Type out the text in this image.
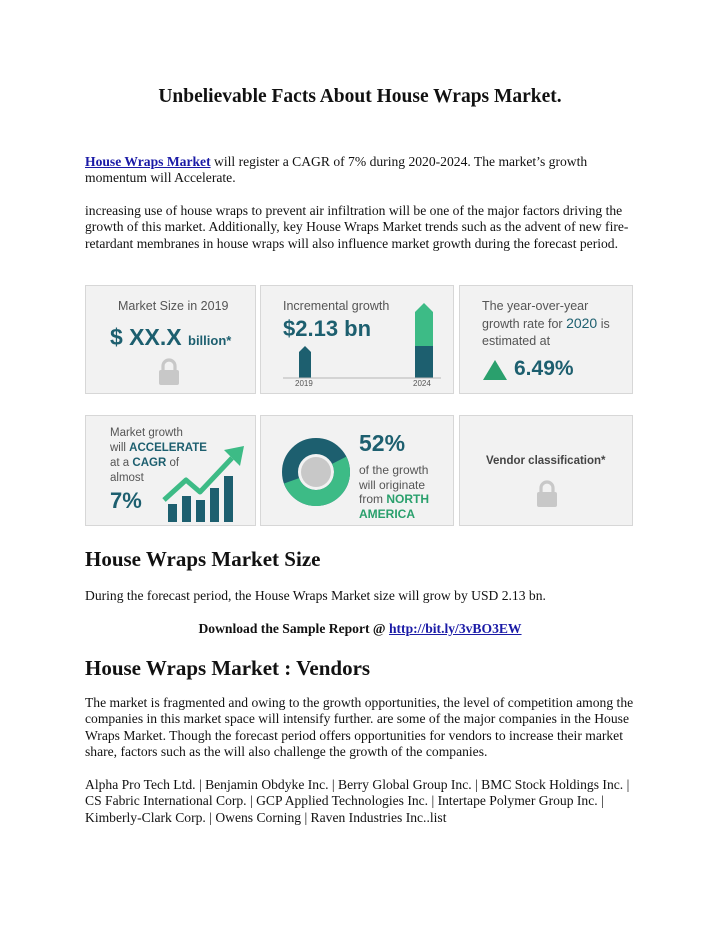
Unbelievable Facts About House Wraps Market.

House Wraps Market will register a CAGR of 7% during 2020-2024. The market’s growth momentum will Accelerate.

increasing use of house wraps to prevent air infiltration will be one of the major factors driving the growth of this market. Additionally, key House Wraps Market trends such as the advent of new fire-retardant membranes in house wraps will also influence market growth during the forecast period.

Market Size in 2019
$ XX.X billion*
Incremental growth
$2.13 bn
2019	2024
The year-over-year
growth rate for 2020 is
estimated at
6.49%
Market growth
will ACCELERATE
at a CAGR of
almost
7%
52%
of the growth
will originate
from NORTH
AMERICA
Vendor classification*
House Wraps Market Size

During the forecast period, the House Wraps Market size will grow by USD 2.13 bn.

Download the Sample Report @ http://bit.ly/3vBO3EW
House Wraps Market : Vendors

The market is fragmented and owing to the growth opportunities, the level of competition among the companies in this market space will intensify further. are some of the major companies in the House Wraps Market. Though the forecast period offers opportunities for vendors to increase their market share, factors such as the will also challenge the growth of the companies.

Alpha Pro Tech Ltd. | Benjamin Obdyke Inc. | Berry Global Group Inc. | BMC Stock Holdings Inc. | CS Fabric International Corp. | GCP Applied Technologies Inc. | Intertape Polymer Group Inc. | Kimberly-Clark Corp. | Owens Corning | Raven Industries Inc..list
